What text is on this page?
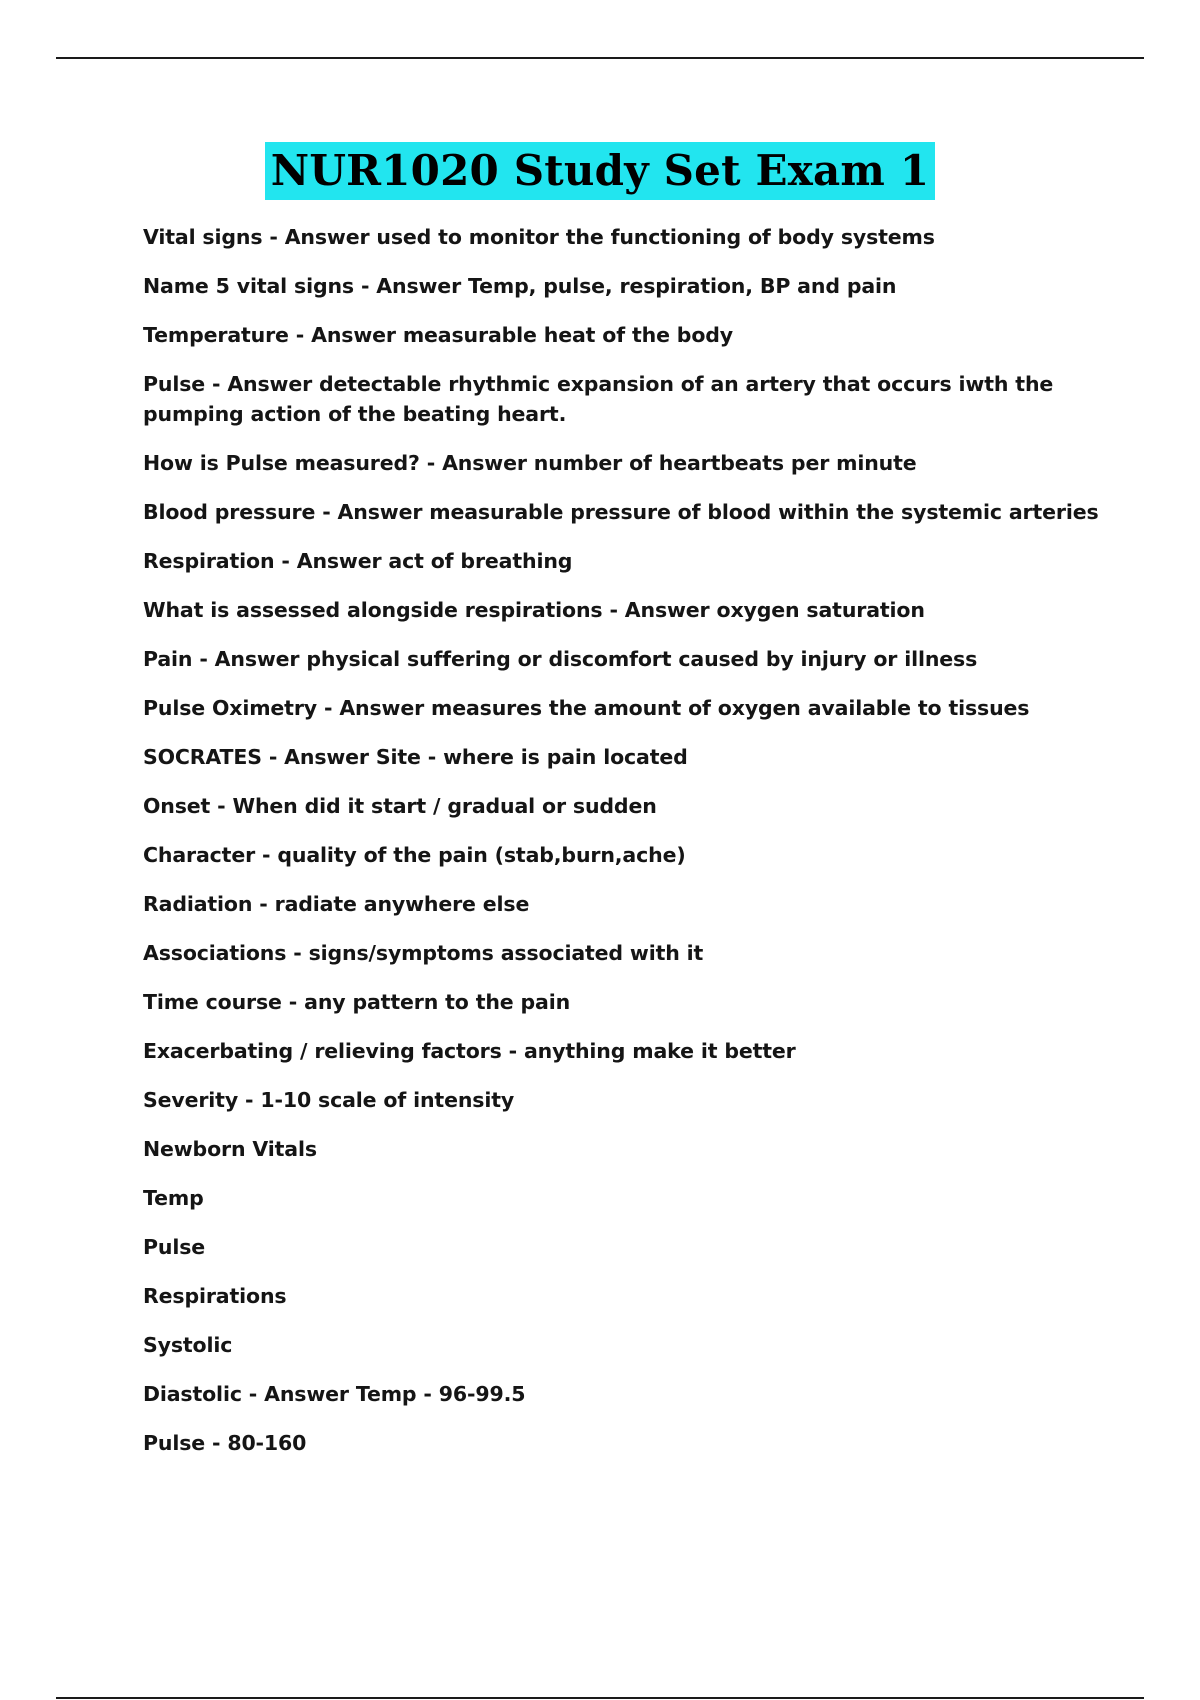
NUR1020 Study Set Exam 1
Vital signs - Answer used to monitor the functioning of body systems
Name 5 vital signs - Answer Temp, pulse, respiration, BP and pain
Temperature - Answer measurable heat of the body
Pulse - Answer detectable rhythmic expansion of an artery that occurs iwth the pumping action of the beating heart.
How is Pulse measured? - Answer number of heartbeats per minute
Blood pressure - Answer measurable pressure of blood within the systemic arteries
Respiration - Answer act of breathing
What is assessed alongside respirations - Answer oxygen saturation
Pain - Answer physical suffering or discomfort caused by injury or illness
Pulse Oximetry - Answer measures the amount of oxygen available to tissues
SOCRATES - Answer Site - where is pain located
Onset - When did it start / gradual or sudden
Character - quality of the pain (stab,burn,ache)
Radiation - radiate anywhere else
Associations - signs/symptoms associated with it
Time course - any pattern to the pain
Exacerbating / relieving factors - anything make it better
Severity - 1-10 scale of intensity
Newborn Vitals
Temp
Pulse
Respirations
Systolic
Diastolic - Answer Temp - 96-99.5
Pulse - 80-160
